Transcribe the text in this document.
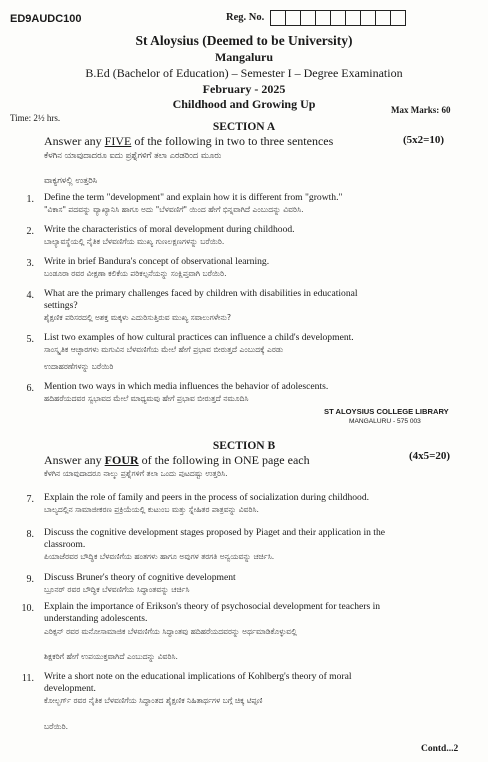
ED9AUDC100	Reg. No.
St Aloysius (Deemed to be University)
Mangaluru
B.Ed (Bachelor of Education) – Semester I – Degree Examination
February - 2025
Childhood and Growing Up	Max Marks: 60
Time: 2½ hrs.
SECTION A
Answer any FIVE of the following in two to three sentences	(5x2=10)
ಕೆಳಗಿನ ಯಾವುದಾದರೂ ಐದು ಪ್ರಶ್ನೆಗಳಿಗೆ ತಲಾ ಎರಡರಿಂದ ಮೂರು
ವಾಕ್ಯಗಳಲ್ಲಿ ಉತ್ತರಿಸಿ
1. Define the term "development" and explain how it is different from "growth."
"ವಿಕಾಸ" ಪದವನ್ನು ವ್ಯಾಖ್ಯಾನಿಸಿ ಹಾಗೂ ಅದು "ಬೆಳವಣಿಗೆ" ಯಿಂದ ಹೇಗೆ ಭಿನ್ನವಾಗಿದೆ ಎಂಬುದನ್ನು ವಿವರಿಸಿ.
2. Write the characteristics of moral development during childhood.
ಬಾಲ್ಯಾವಸ್ಥೆಯಲ್ಲಿ ನೈತಿಕ ಬೆಳವಣಿಗೆಯ ಮುಖ್ಯ ಗುಣಲಕ್ಷಣಗಳನ್ನು ಬರೆಯಿರಿ.
3. Write in brief Bandura's concept of observational learning.
ಬಂಡೂರಾ ರವರ ವೀಕ್ಷಣಾ ಕಲಿಕೆಯ ಪರಿಕಲ್ಪನೆಯನ್ನು ಸಂಕ್ಷಿಪ್ತವಾಗಿ ಬರೆಯಿರಿ.
4. What are the primary challenges faced by children with disabilities in educational
settings?
ಶೈಕ್ಷಣಿಕ ಪರಿಸರದಲ್ಲಿ ಅಶಕ್ತ ಮಕ್ಕಳು ಎದುರಿಸುತ್ತಿರುವ ಮುಖ್ಯ ಸವಾಲುಗಳೇನು?
5. List two examples of how cultural practices can influence a child's development.
ಸಾಂಸ್ಕೃತಿಕ ಆಚ್ಛಾರಗಳು ಮಗುವಿನ ಬೆಳವಣಿಗೆಯ ಮೇಲೆ ಹೇಗೆ ಪ್ರಭಾವ ಬೀರುತ್ತದೆ ಎಂಬುದಕ್ಕೆ ಎರಡು
ಉದಾಹರಣೆಗಳನ್ನು ಬರೆಯಿರಿ
6. Mention two ways in which media influences the behavior of adolescents.
ಹದಿಹರೆಯದವರ ಸ್ವಭಾವದ ಮೇಲೆ ಮಾಧ್ಯಮವು ಹೇಗೆ ಪ್ರಭಾವ ಬೀರುತ್ತದೆ ನಮೂದಿಸಿ
ST ALOYSIUS COLLEGE LIBRARY
MANGALURU - 575 003
SECTION B
Answer any FOUR of the following in ONE page each	(4x5=20)
ಕೆಳಗಿನ ಯಾವುದಾದರೂ ನಾಲ್ಕು ಪ್ರಶ್ನೆಗಳಿಗೆ ತಲಾ ಒಂದು ಪುಟದಷ್ಟು ಉತ್ತರಿಸಿ.
7. Explain the role of family and peers in the process of socialization during childhood.
ಬಾಲ್ಯದಲ್ಲಿನ ಸಾಮಾಜೀಕರಣ ಪ್ರಕ್ರಿಯೆಯಲ್ಲಿ ಕುಟುಂಬ ಮತ್ತು ಸ್ನೇಹಿತರ ಪಾತ್ರವನ್ನು ವಿವರಿಸಿ.
8. Discuss the cognitive development stages proposed by Piaget and their application in the
classroom.
ಪಿಯಾಜೆರವರ ಬೌದ್ಧಿಕ ಬೆಳವಣಿಗೆಯ ಹಂತಗಳು ಹಾಗೂ ಅವುಗಳ ತರಗತಿ ಅನ್ವಯವನ್ನು ಚರ್ಚಿಸಿ.
9. Discuss Bruner's theory of cognitive development
ಬ್ರೂನರ್ ರವರ ಬೌದ್ಧಿಕ ಬೆಳವಣಿಗೆಯ ಸಿದ್ಧಾಂತವನ್ನು ಚರ್ಚಿಸಿ
10. Explain the importance of Erikson's theory of psychosocial development for teachers in
understanding adolescents.
ಎರಿಕ್ಸನ್ ರವರ ಮನೋಸಾಮಾಜಿಕ ಬೆಳವಣಿಗೆಯ ಸಿದ್ಧಾಂತವು ಹದಿಹರೆಯದವರನ್ನು ಅರ್ಥಮಾಡಿಕೊಳ್ಳುವಲ್ಲಿ
ಶಿಕ್ಷಕರಿಗೆ ಹೇಗೆ ಉಪಯುಕ್ತವಾಗಿದೆ ಎಂಬುದನ್ನು ವಿವರಿಸಿ.
11. Write a short note on the educational implications of Kohlberg's theory of moral
development.
ಕೋಲ್ಬರ್ಗ್ ರವರ ನೈತಿಕ ಬೆಳವಣಿಗೆಯ ಸಿದ್ಧಾಂತದ ಶೈಕ್ಷಣಿಕ ನಿಹಿತಾರ್ಥಗಳ ಬಗ್ಗೆ ಚಿಕ್ಕ ಟಿಪ್ಪಣಿ
ಬರೆಯಿರಿ.
Contd...2
